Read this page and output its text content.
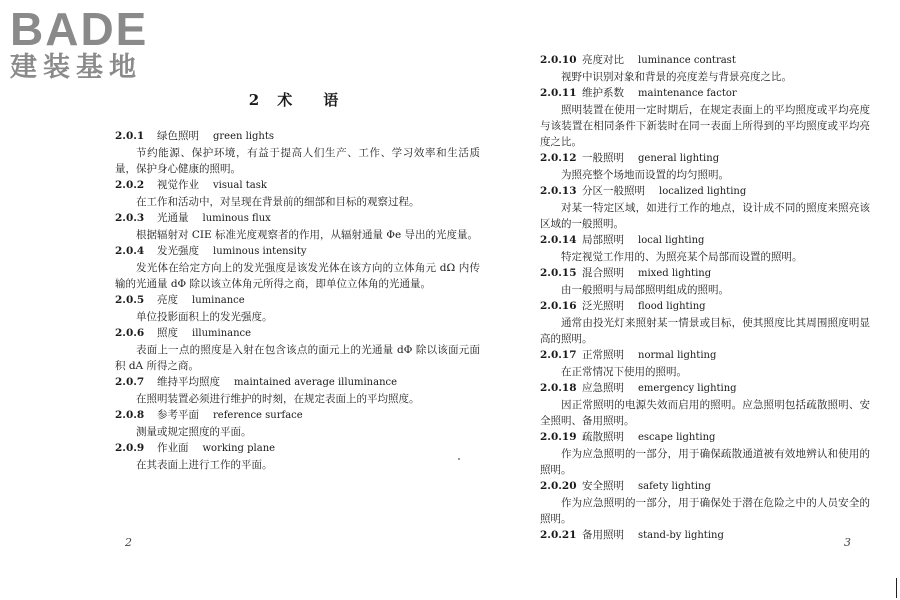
BADE
建装基地
2 术　语
2.0.1 绿色照明 green lights
节约能源、保护环境，有益于提高人们生产、工作、学习效率和生活质量，保护身心健康的照明。
2.0.2 视觉作业 visual task
在工作和活动中，对呈现在背景前的细部和目标的观察过程。
2.0.3 光通量 luminous flux
根据辐射对 CIE 标准光度观察者的作用，从辐射通量 Φe 导出的光度量。
2.0.4 发光强度 luminous intensity
发光体在给定方向上的发光强度是该发光体在该方向的立体角元 dΩ 内传输的光通量 dΦ 除以该立体角元所得之商，即单位立体角的光通量。
2.0.5 亮度 luminance
单位投影面积上的发光强度。
2.0.6 照度 illuminance
表面上一点的照度是入射在包含该点的面元上的光通量 dΦ 除以该面元面积 dA 所得之商。
2.0.7 维持平均照度 maintained average illuminance
在照明装置必须进行维护的时刻，在规定表面上的平均照度。
2.0.8 参考平面 reference surface
测量或规定照度的平面。
2.0.9 作业面 working plane
在其表面上进行工作的平面。
2
2.0.10 亮度对比 luminance contrast
视野中识别对象和背景的亮度差与背景亮度之比。
2.0.11 维护系数 maintenance factor
照明装置在使用一定时期后，在规定表面上的平均照度或平均亮度与该装置在相同条件下新装时在同一表面上所得到的平均照度或平均亮度之比。
2.0.12 一般照明 general lighting
为照亮整个场地而设置的均匀照明。
2.0.13 分区一般照明 localized lighting
对某一特定区域，如进行工作的地点，设计成不同的照度来照亮该区域的一般照明。
2.0.14 局部照明 local lighting
特定视觉工作用的、为照亮某个局部而设置的照明。
2.0.15 混合照明 mixed lighting
由一般照明与局部照明组成的照明。
2.0.16 泛光照明 flood lighting
通常由投光灯来照射某一情景或目标，使其照度比其周围照度明显高的照明。
2.0.17 正常照明 normal lighting
在正常情况下使用的照明。
2.0.18 应急照明 emergency lighting
因正常照明的电源失效而启用的照明。应急照明包括疏散照明、安全照明、备用照明。
2.0.19 疏散照明 escape lighting
作为应急照明的一部分，用于确保疏散通道被有效地辨认和使用的照明。
2.0.20 安全照明 safety lighting
作为应急照明的一部分，用于确保处于潜在危险之中的人员安全的照明。
2.0.21 备用照明 stand-by lighting
3
